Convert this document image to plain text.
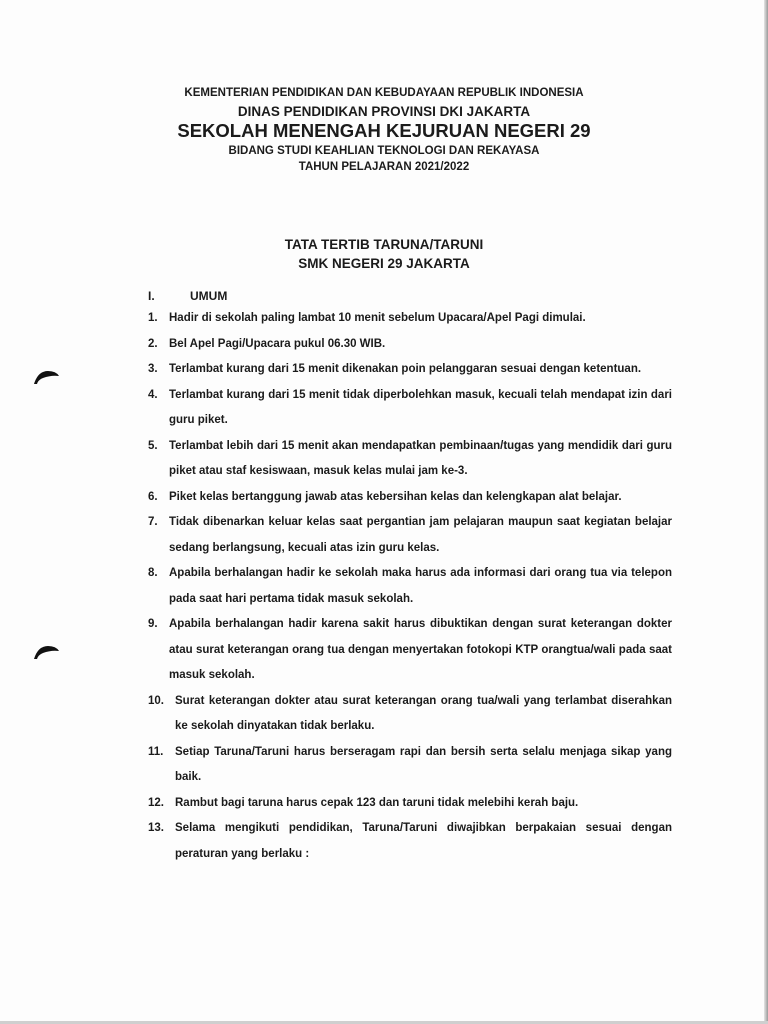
KEMENTERIAN PENDIDIKAN DAN KEBUDAYAAN REPUBLIK INDONESIA
DINAS PENDIDIKAN PROVINSI DKI JAKARTA
SEKOLAH MENENGAH KEJURUAN NEGERI 29
BIDANG STUDI KEAHLIAN TEKNOLOGI DAN REKAYASA
TAHUN PELAJARAN 2021/2022
TATA TERTIB TARUNA/TARUNI
SMK NEGERI 29 JAKARTA
I.	UMUM
1. Hadir di sekolah paling lambat 10 menit sebelum Upacara/Apel Pagi dimulai.
2. Bel Apel Pagi/Upacara pukul 06.30 WIB.
3. Terlambat kurang dari 15 menit dikenakan poin pelanggaran sesuai dengan ketentuan.
4. Terlambat kurang dari 15 menit tidak diperbolehkan masuk, kecuali telah mendapat izin dari guru piket.
5. Terlambat lebih dari 15 menit akan mendapatkan pembinaan/tugas yang mendidik dari guru piket atau staf kesiswaan, masuk kelas mulai jam ke-3.
6. Piket kelas bertanggung jawab atas kebersihan kelas dan kelengkapan alat belajar.
7. Tidak dibenarkan keluar kelas saat pergantian jam pelajaran maupun saat kegiatan belajar sedang berlangsung, kecuali atas izin guru kelas.
8. Apabila berhalangan hadir ke sekolah maka harus ada informasi dari orang tua via telepon pada saat hari pertama tidak masuk sekolah.
9. Apabila berhalangan hadir karena sakit harus dibuktikan dengan surat keterangan dokter atau surat keterangan orang tua dengan menyertakan fotokopi KTP orangtua/wali pada saat masuk sekolah.
10. Surat keterangan dokter atau surat keterangan orang tua/wali yang terlambat diserahkan ke sekolah dinyatakan tidak berlaku.
11. Setiap Taruna/Taruni harus berseragam rapi dan bersih serta selalu menjaga sikap yang baik.
12. Rambut bagi taruna harus cepak 123 dan taruni tidak melebihi kerah baju.
13. Selama mengikuti pendidikan, Taruna/Taruni diwajibkan berpakaian sesuai dengan peraturan yang berlaku :
